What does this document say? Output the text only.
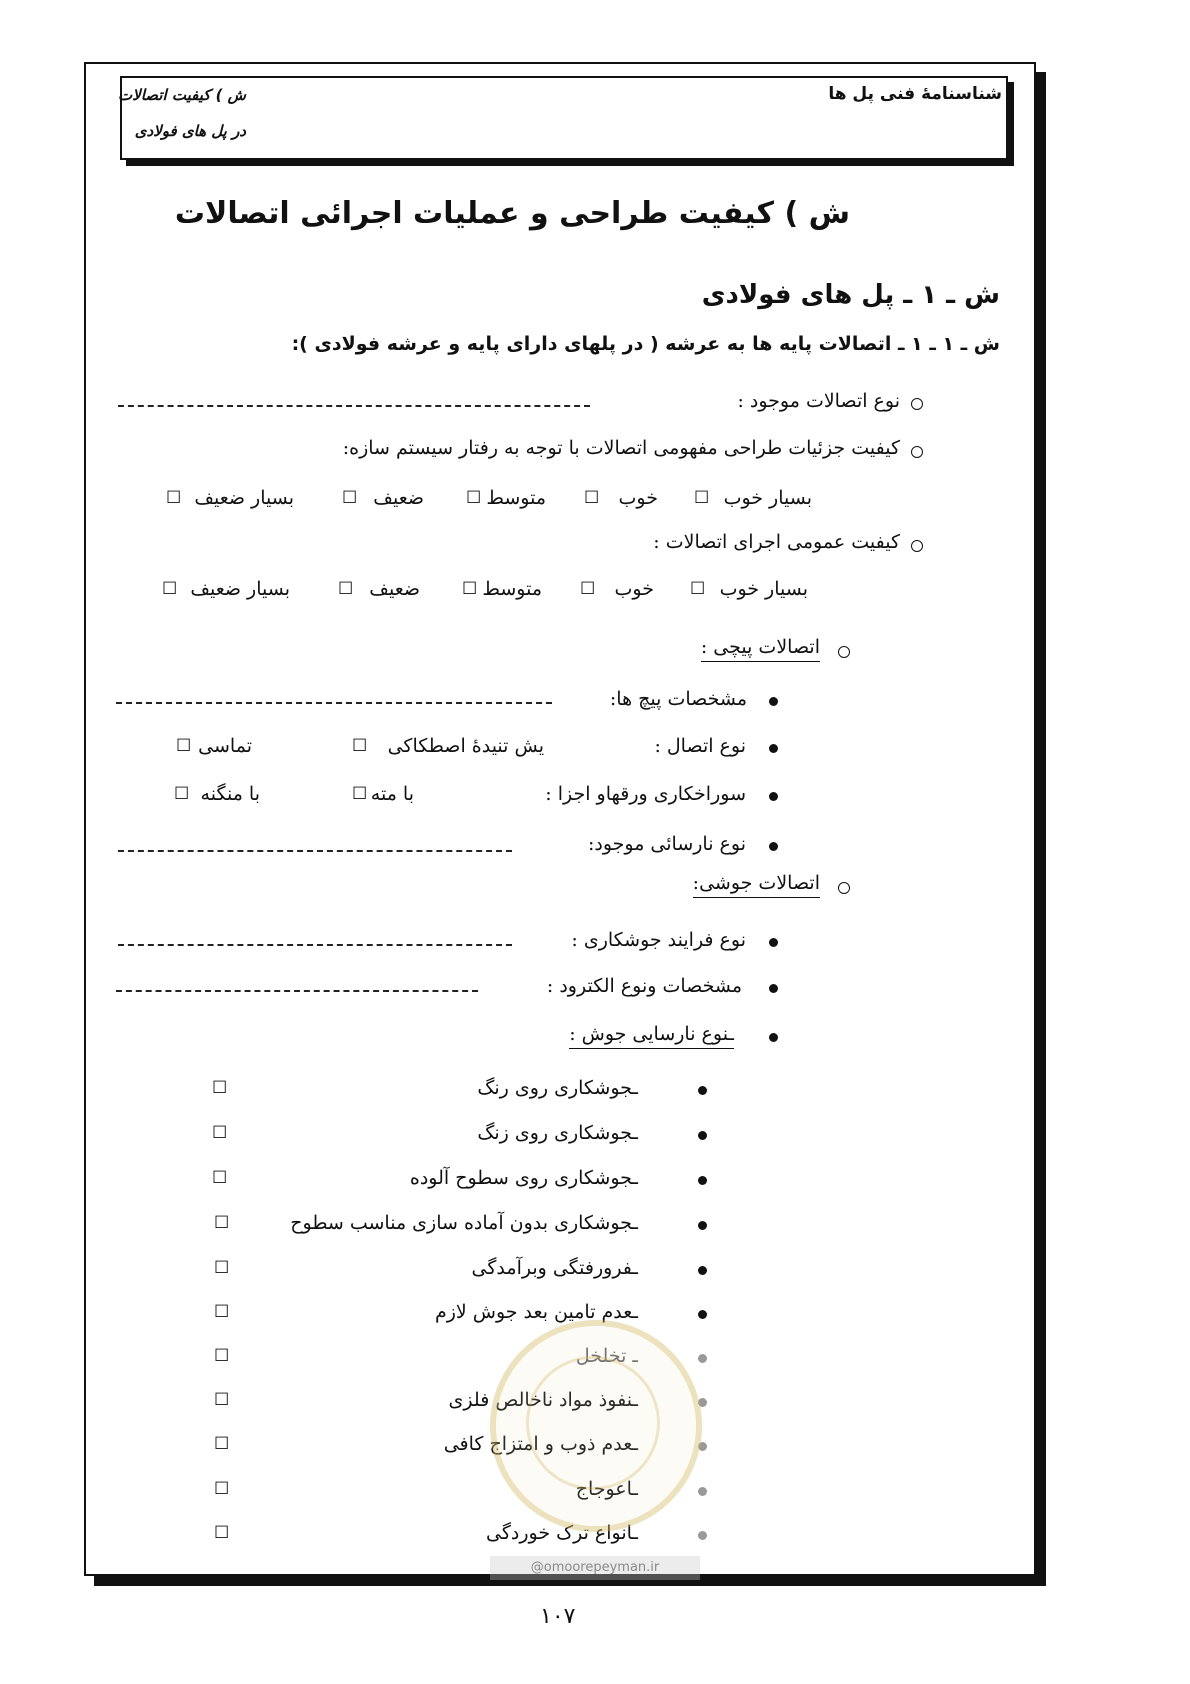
شناسنامۀ فنی پل ها
ش ) کیفیت اتصالات
در پل های فولادی
ش ) کیفیت طراحی و عملیات اجرائی اتصالات
ش ـ ۱ ـ پل های فولادی
ش ـ ۱ ـ ۱ ـ اتصالات پایه ها به عرشه ( در پلهای دارای پایه و عرشه فولادی ):
نوع اتصالات موجود :
کیفیت جزئیات طراحی مفهومی اتصالات با توجه به رفتار سیستم سازه:
بسیار خوب
☐
خوب
☐
متوسط
☐
ضعیف
☐
بسیار ضعیف
☐
کیفیت عمومی اجرای اتصالات :
بسیار خوب
☐
خوب
☐
متوسط
☐
ضعیف
☐
بسیار ضعیف
☐
اتصالات پیچی :
مشخصات پیچ ها:
نوع اتصال :
یش تنیدۀ اصطکاکی
☐
تماسی
☐
سوراخکاری ورقهاو اجزا :
با مته
☐
با منگنه
☐
نوع نارسائی موجود:
اتصالات جوشی:
نوع فرایند جوشکاری :
مشخصات ونوع الکترود :
ـنوع نارسایی جوش :
ـجوشکاری روی رنگ
☐
ـجوشکاری روی زنگ
☐
ـجوشکاری روی سطوح آلوده
☐
ـجوشکاری بدون آماده سازی مناسب سطوح
☐
ـفرورفتگی وبرآمدگی
☐
ـعدم تامین بعد جوش لازم
☐
ـ تخلخل
☐
ـنفوذ مواد ناخالص فلزی
☐
ـعدم ذوب و امتزاج کافی
☐
ـاعوجاج
☐
ـانواع ترک خوردگی
☐
@omoorepeyman.ir
۱۰۷
